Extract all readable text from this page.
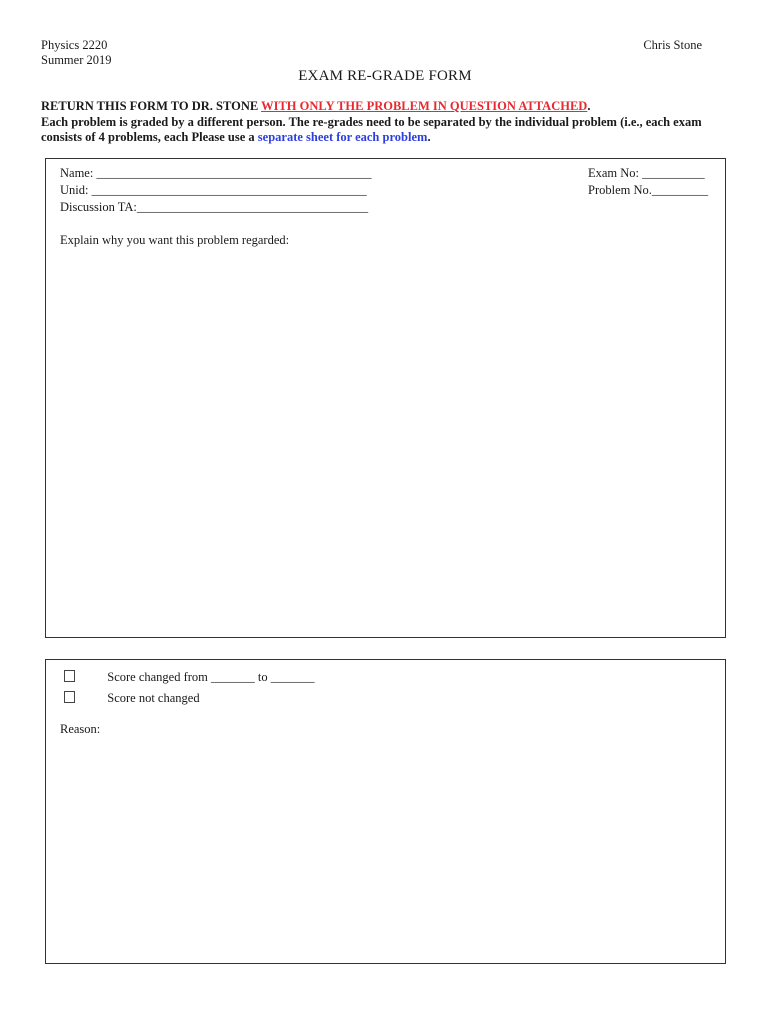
Physics 2220
Summer 2019
Chris Stone
EXAM RE-GRADE FORM
RETURN THIS FORM TO DR. STONE WITH ONLY THE PROBLEM IN QUESTION ATTACHED.
Each problem is graded by a different person. The re-grades need to be separated by the individual problem (i.e., each exam consists of 4 problems, each Please use a separate sheet for each problem.
Name: ____________________________________________
Unid: ____________________________________________
Discussion TA:_____________________________________
Exam No: __________
Problem No._________
Explain why you want this problem regarded:
Score changed from _______ to _______
Score not changed
Reason:
